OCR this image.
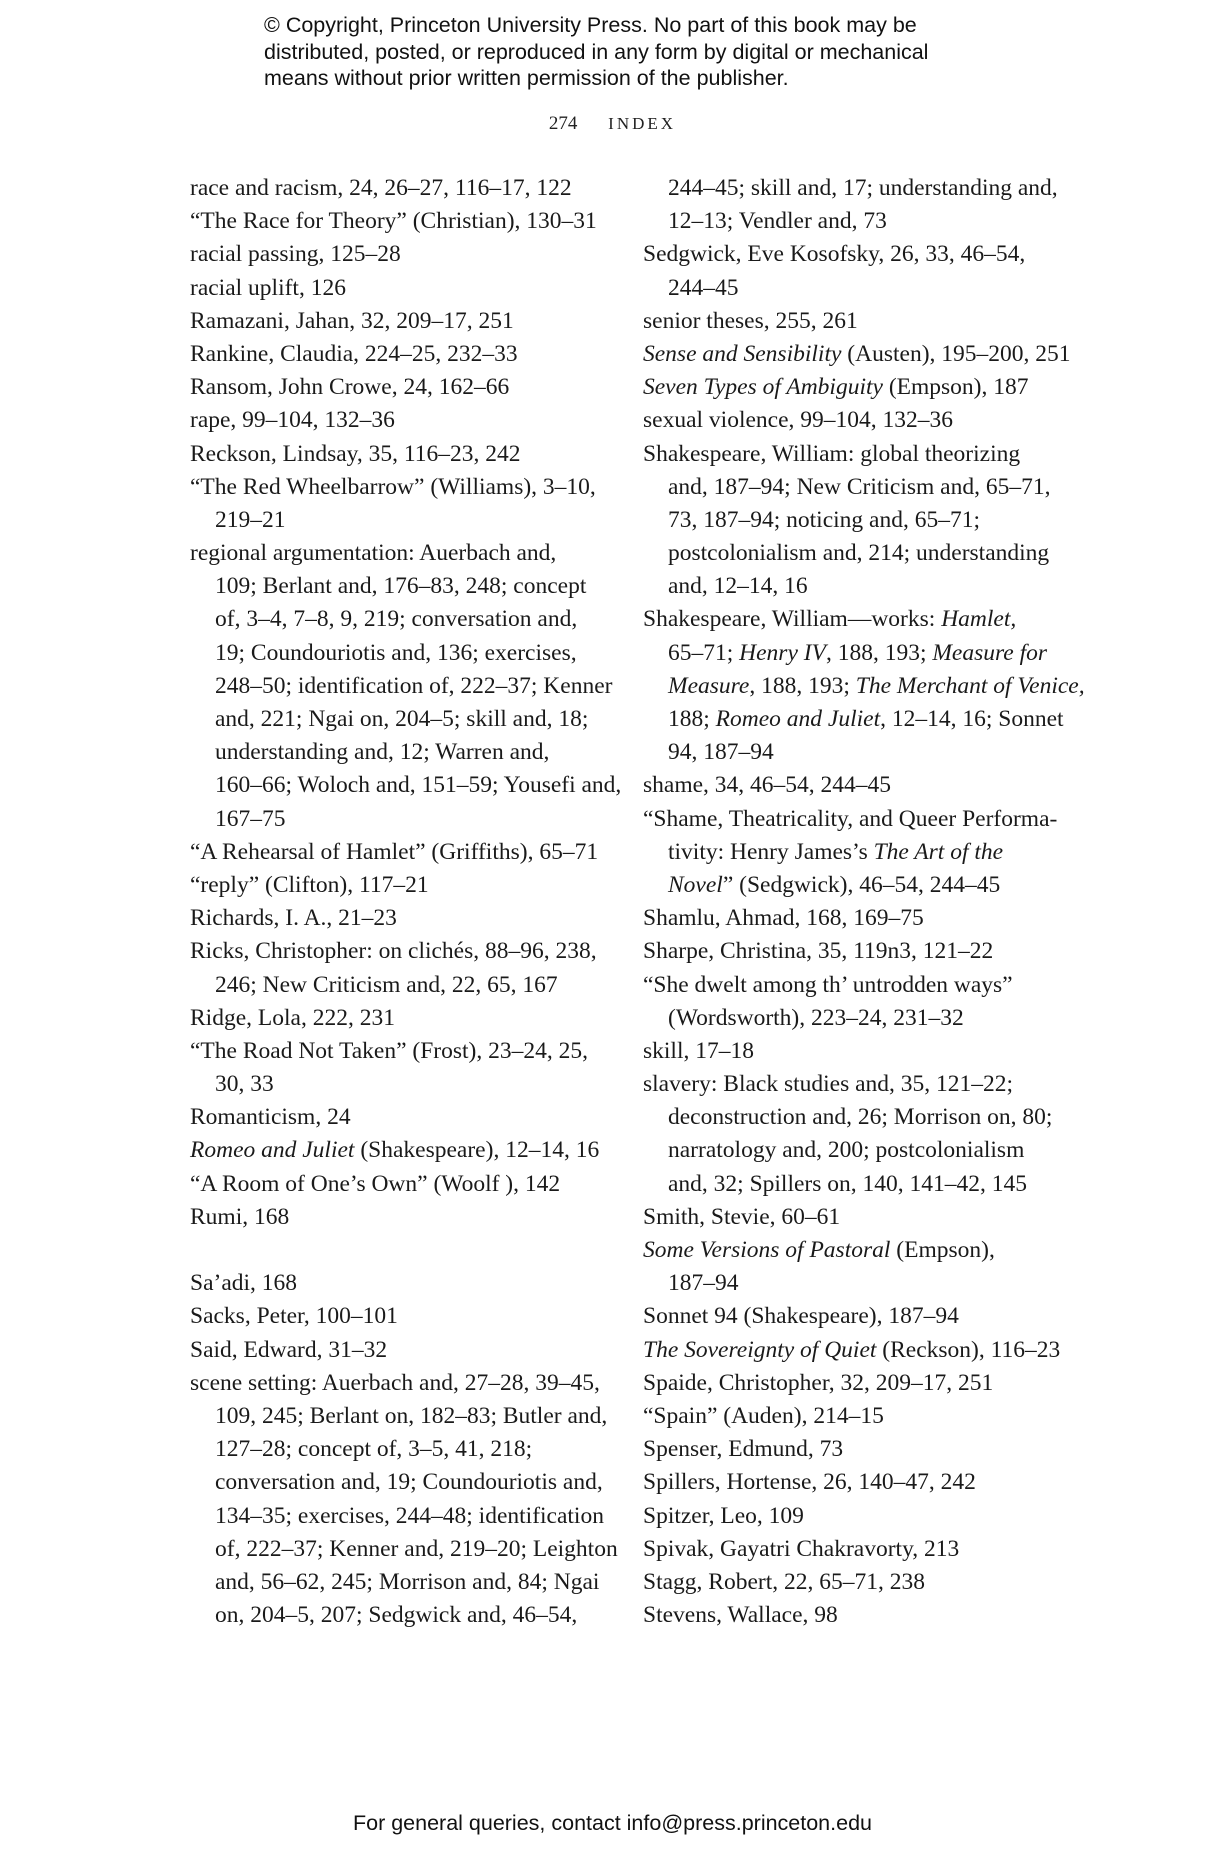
© Copyright, Princeton University Press. No part of this book may be
distributed, posted, or reproduced in any form by digital or mechanical
means without prior written permission of the publisher.
274 INDEX
race and racism, 24, 26–27, 116–17, 122
“The Race for Theory” (Christian), 130–31
racial passing, 125–28
racial uplift, 126
Ramazani, Jahan, 32, 209–17, 251
Rankine, Claudia, 224–25, 232–33
Ransom, John Crowe, 24, 162–66
rape, 99–104, 132–36
Reckson, Lindsay, 35, 116–23, 242
“The Red Wheelbarrow” (Williams), 3–10,
219–21
regional argumentation: Auerbach and,
109; Berlant and, 176–83, 248; concept
of, 3–4, 7–8, 9, 219; conversation and,
19; Coundouriotis and, 136; exercises,
248–50; identification of, 222–37; Kenner
and, 221; Ngai on, 204–5; skill and, 18;
understanding and, 12; Warren and,
160–66; Woloch and, 151–59; Yousefi and,
167–75
“A Rehearsal of Hamlet” (Griffiths), 65–71
“reply” (Clifton), 117–21
Richards, I. A., 21–23
Ricks, Christopher: on clichés, 88–96, 238,
246; New Criticism and, 22, 65, 167
Ridge, Lola, 222, 231
“The Road Not Taken” (Frost), 23–24, 25,
30, 33
Romanticism, 24
Romeo and Juliet (Shakespeare), 12–14, 16
“A Room of One’s Own” (Woolf ), 142
Rumi, 168
Sa’adi, 168
Sacks, Peter, 100–101
Said, Edward, 31–32
scene setting: Auerbach and, 27–28, 39–45,
109, 245; Berlant on, 182–83; Butler and,
127–28; concept of, 3–5, 41, 218;
conversation and, 19; Coundouriotis and,
134–35; exercises, 244–48; identification
of, 222–37; Kenner and, 219–20; Leighton
and, 56–62, 245; Morrison and, 84; Ngai
on, 204–5, 207; Sedgwick and, 46–54,
244–45; skill and, 17; understanding and,
12–13; Vendler and, 73
Sedgwick, Eve Kosofsky, 26, 33, 46–54,
244–45
senior theses, 255, 261
Sense and Sensibility (Austen), 195–200, 251
Seven Types of Ambiguity (Empson), 187
sexual violence, 99–104, 132–36
Shakespeare, William: global theorizing
and, 187–94; New Criticism and, 65–71,
73, 187–94; noticing and, 65–71;
postcolonialism and, 214; understanding
and, 12–14, 16
Shakespeare, William—works: Hamlet,
65–71; Henry IV, 188, 193; Measure for
Measure, 188, 193; The Merchant of Venice,
188; Romeo and Juliet, 12–14, 16; Sonnet
94, 187–94
shame, 34, 46–54, 244–45
“Shame, Theatricality, and Queer Performa-
tivity: Henry James’s The Art of the
Novel” (Sedgwick), 46–54, 244–45
Shamlu, Ahmad, 168, 169–75
Sharpe, Christina, 35, 119n3, 121–22
“She dwelt among th’ untrodden ways”
(Wordsworth), 223–24, 231–32
skill, 17–18
slavery: Black studies and, 35, 121–22;
deconstruction and, 26; Morrison on, 80;
narratology and, 200; postcolonialism
and, 32; Spillers on, 140, 141–42, 145
Smith, Stevie, 60–61
Some Versions of Pastoral (Empson),
187–94
Sonnet 94 (Shakespeare), 187–94
The Sovereignty of Quiet (Reckson), 116–23
Spaide, Christopher, 32, 209–17, 251
“Spain” (Auden), 214–15
Spenser, Edmund, 73
Spillers, Hortense, 26, 140–47, 242
Spitzer, Leo, 109
Spivak, Gayatri Chakravorty, 213
Stagg, Robert, 22, 65–71, 238
Stevens, Wallace, 98
For general queries, contact info@press.princeton.edu
